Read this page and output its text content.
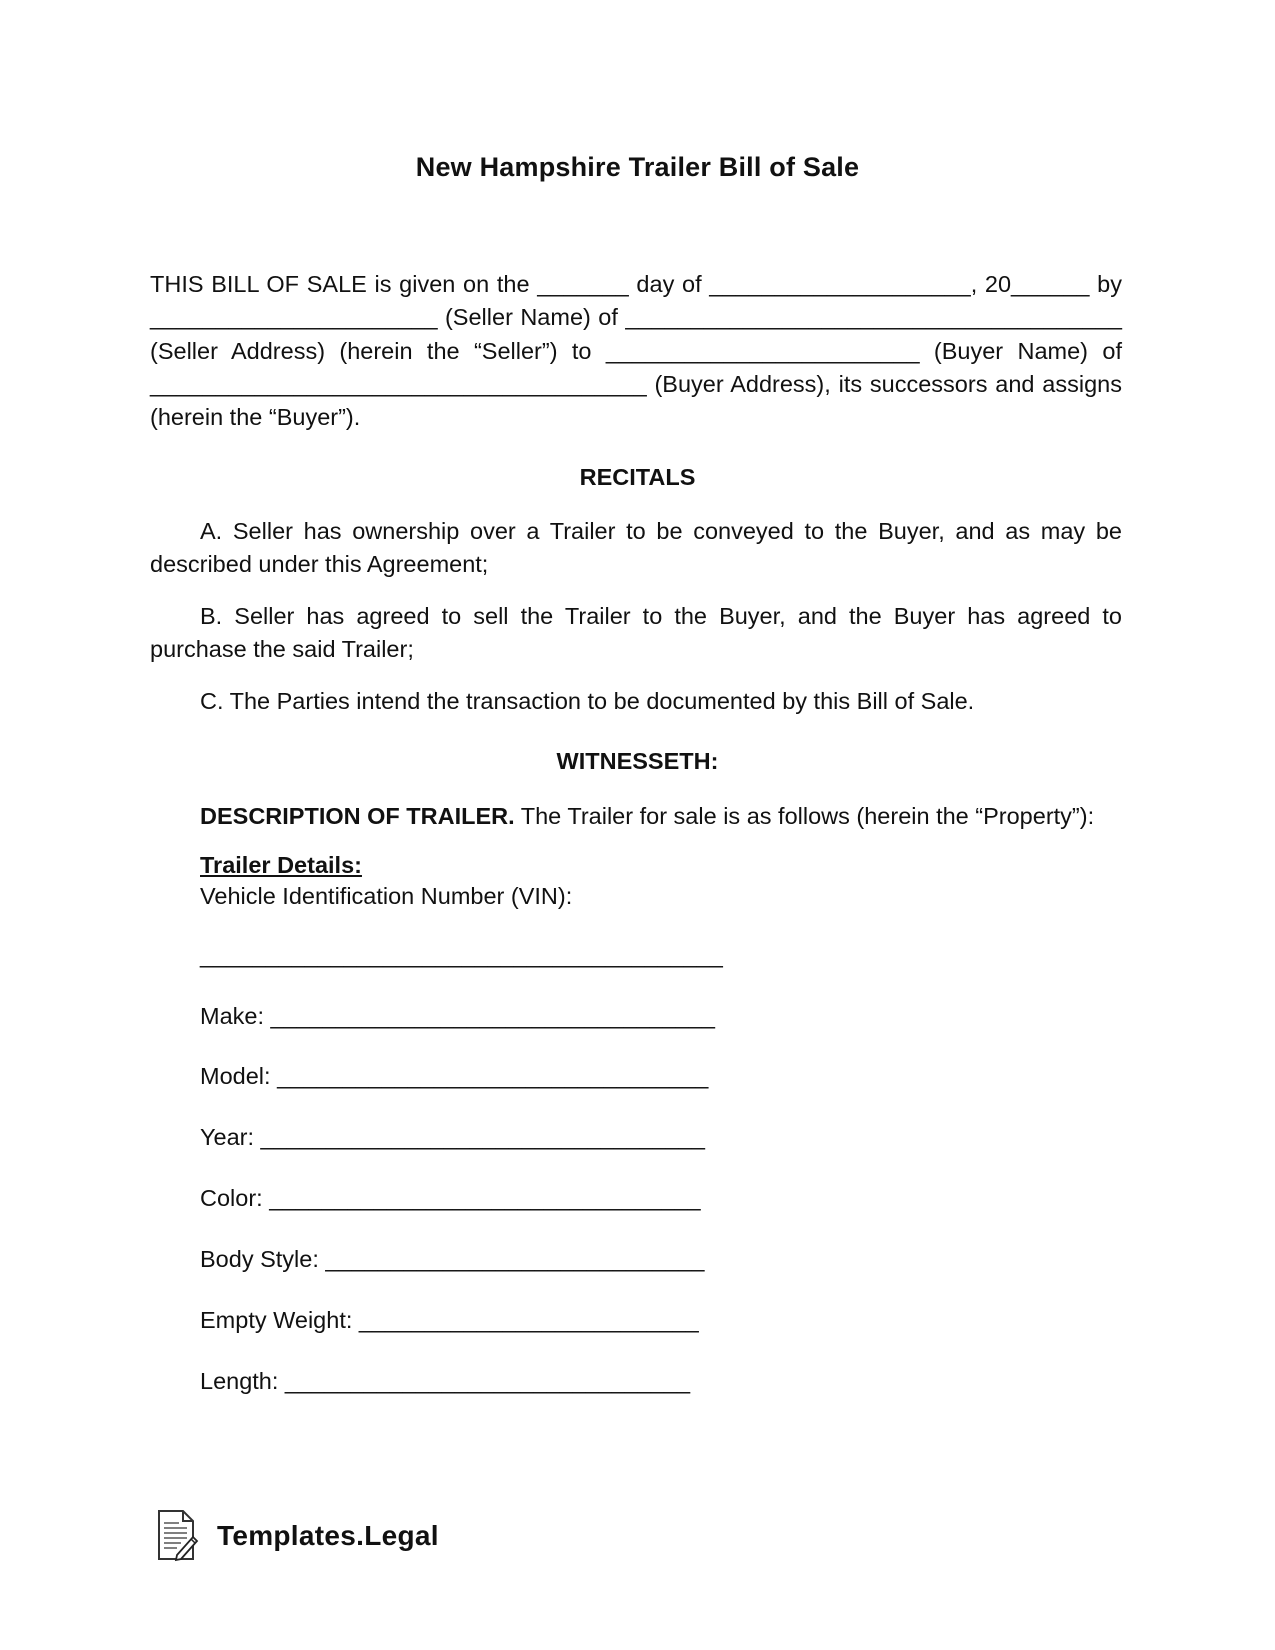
New Hampshire Trailer Bill of Sale
THIS BILL OF SALE is given on the _______ day of ____________________, 20______ by ______________________ (Seller Name) of ______________________________________ (Seller Address) (herein the “Seller”) to ________________________ (Buyer Name) of ______________________________________ (Buyer Address), its successors and assigns (herein the “Buyer”).
RECITALS
A. Seller has ownership over a Trailer to be conveyed to the Buyer, and as may be described under this Agreement;
B. Seller has agreed to sell the Trailer to the Buyer, and the Buyer has agreed to purchase the said Trailer;
C. The Parties intend the transaction to be documented by this Bill of Sale.
WITNESSETH:
DESCRIPTION OF TRAILER. The Trailer for sale is as follows (herein the “Property”):
Trailer Details:
Vehicle Identification Number (VIN):
________________________________________
Make: __________________________________
Model: _________________________________
Year: __________________________________
Color: _________________________________
Body Style: _____________________________
Empty Weight: __________________________
Length: _______________________________
Templates.Legal
